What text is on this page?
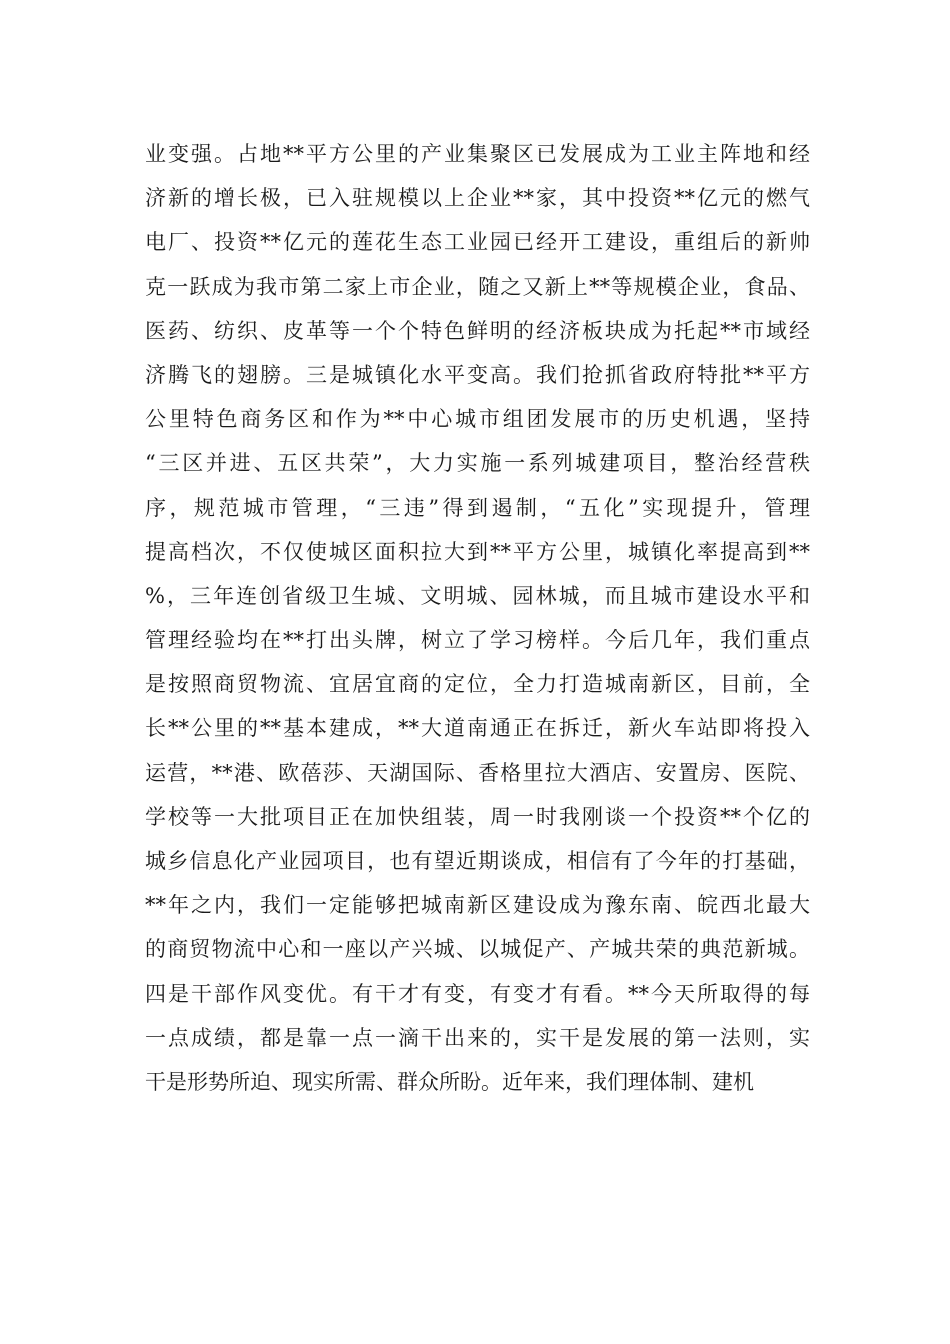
业变强。占地**平方公里的产业集聚区已发展成为工业主阵地和经
济新的增长极，已入驻规模以上企业**家，其中投资**亿元的燃气
电厂、投资**亿元的莲花生态工业园已经开工建设，重组后的新帅
克一跃成为我市第二家上市企业，随之又新上**等规模企业，食品、
医药、纺织、皮革等一个个特色鲜明的经济板块成为托起**市域经
济腾飞的翅膀。三是城镇化水平变高。我们抢抓省政府特批**平方
公里特色商务区和作为**中心城市组团发展市的历史机遇，坚持
“三区并进、五区共荣”，大力实施一系列城建项目，整治经营秩
序，规范城市管理，“三违”得到遏制，“五化”实现提升，管理
提高档次，不仅使城区面积拉大到**平方公里，城镇化率提高到**
%，三年连创省级卫生城、文明城、园林城，而且城市建设水平和
管理经验均在**打出头牌，树立了学习榜样。今后几年，我们重点
是按照商贸物流、宜居宜商的定位，全力打造城南新区，目前，全
长**公里的**基本建成，**大道南通正在拆迁，新火车站即将投入
运营，**港、欧蓓莎、天湖国际、香格里拉大酒店、安置房、医院、
学校等一大批项目正在加快组装，周一时我刚谈一个投资**个亿的
城乡信息化产业园项目，也有望近期谈成，相信有了今年的打基础，
**年之内，我们一定能够把城南新区建设成为豫东南、皖西北最大
的商贸物流中心和一座以产兴城、以城促产、产城共荣的典范新城。
四是干部作风变优。有干才有变，有变才有看。**今天所取得的每
一点成绩，都是靠一点一滴干出来的，实干是发展的第一法则，实
干是形势所迫、现实所需、群众所盼。近年来，我们理体制、建机
